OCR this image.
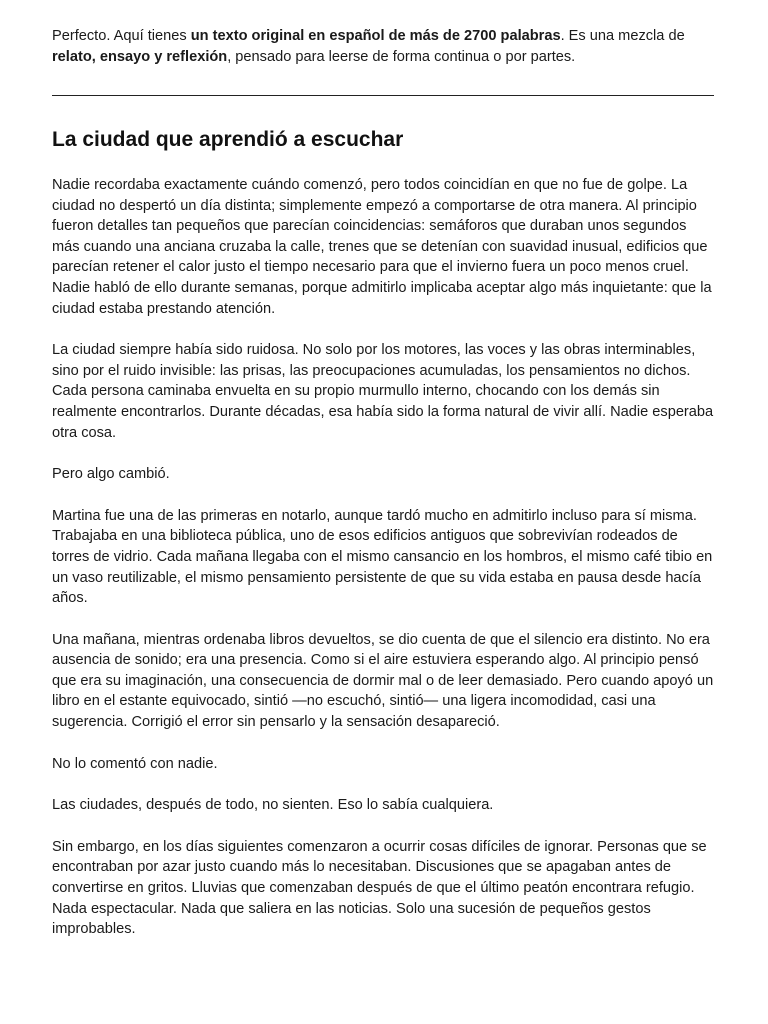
Perfecto. Aquí tienes un texto original en español de más de 2700 palabras. Es una mezcla de relato, ensayo y reflexión, pensado para leerse de forma continua o por partes.

La ciudad que aprendió a escuchar

Nadie recordaba exactamente cuándo comenzó, pero todos coincidían en que no fue de golpe. La ciudad no despertó un día distinta; simplemente empezó a comportarse de otra manera. Al principio fueron detalles tan pequeños que parecían coincidencias: semáforos que duraban unos segundos más cuando una anciana cruzaba la calle, trenes que se detenían con suavidad inusual, edificios que parecían retener el calor justo el tiempo necesario para que el invierno fuera un poco menos cruel. Nadie habló de ello durante semanas, porque admitirlo implicaba aceptar algo más inquietante: que la ciudad estaba prestando atención.

La ciudad siempre había sido ruidosa. No solo por los motores, las voces y las obras interminables, sino por el ruido invisible: las prisas, las preocupaciones acumuladas, los pensamientos no dichos. Cada persona caminaba envuelta en su propio murmullo interno, chocando con los demás sin realmente encontrarlos. Durante décadas, esa había sido la forma natural de vivir allí. Nadie esperaba otra cosa.

Pero algo cambió.

Martina fue una de las primeras en notarlo, aunque tardó mucho en admitirlo incluso para sí misma. Trabajaba en una biblioteca pública, uno de esos edificios antiguos que sobrevivían rodeados de torres de vidrio. Cada mañana llegaba con el mismo cansancio en los hombros, el mismo café tibio en un vaso reutilizable, el mismo pensamiento persistente de que su vida estaba en pausa desde hacía años.

Una mañana, mientras ordenaba libros devueltos, se dio cuenta de que el silencio era distinto. No era ausencia de sonido; era una presencia. Como si el aire estuviera esperando algo. Al principio pensó que era su imaginación, una consecuencia de dormir mal o de leer demasiado. Pero cuando apoyó un libro en el estante equivocado, sintió —no escuchó, sintió— una ligera incomodidad, casi una sugerencia. Corrigió el error sin pensarlo y la sensación desapareció.

No lo comentó con nadie.

Las ciudades, después de todo, no sienten. Eso lo sabía cualquiera.

Sin embargo, en los días siguientes comenzaron a ocurrir cosas difíciles de ignorar. Personas que se encontraban por azar justo cuando más lo necesitaban. Discusiones que se apagaban antes de convertirse en gritos. Lluvias que comenzaban después de que el último peatón encontrara refugio. Nada espectacular. Nada que saliera en las noticias. Solo una sucesión de pequeños gestos improbables.
